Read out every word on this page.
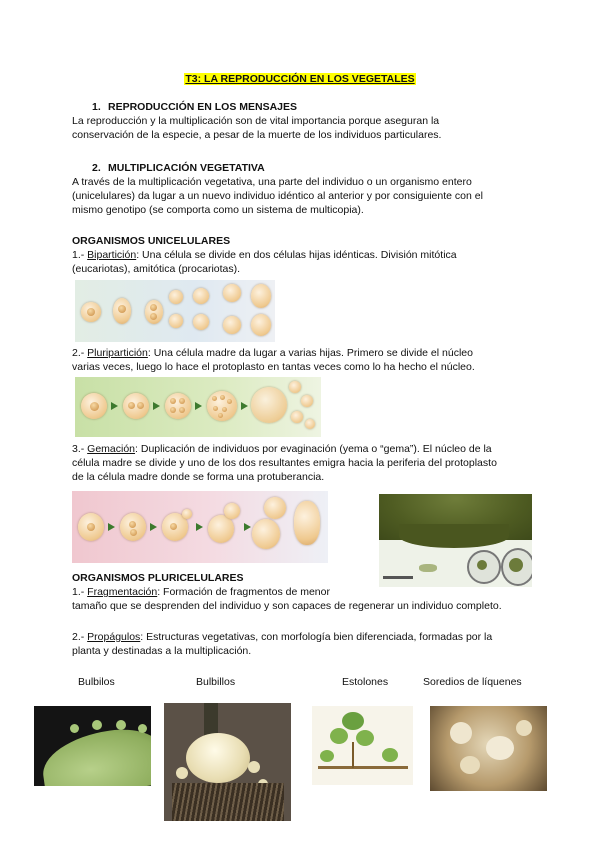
T3: LA REPRODUCCIÓN EN LOS VEGETALES
1. REPRODUCCIÓN EN LOS MENSAJES
La reproducción y la multiplicación son de vital importancia porque aseguran la
conservación de la especie, a pesar de la muerte de los individuos particulares.
2. MULTIPLICACIÓN VEGETATIVA
A través de la multiplicación vegetativa, una parte del individuo o un organismo entero
(unicelulares) da lugar a un nuevo individuo idéntico al anterior y por consiguiente con el
mismo genotipo (se comporta como un sistema de multicopia).
ORGANISMOS UNICELULARES
1.- Bipartición: Una célula se divide en dos células hijas idénticas. División mitótica
(eucariotas), amitótica (procariotas).
2.- Pluripartición: Una célula madre da lugar a varias hijas. Primero se divide el núcleo
varias veces, luego lo hace el protoplasto en tantas veces como lo ha hecho el núcleo.
3.- Gemación: Duplicación de individuos por evaginación (yema o “gema”). El núcleo de la
célula madre se divide y uno de los dos resultantes emigra hacia la periferia del protoplasto
de la célula madre donde se forma una protuberancia.
ORGANISMOS PLURICELULARES
1.- Fragmentación: Formación de fragmentos de menor
tamaño que se desprenden del individuo y son capaces de regenerar un individuo completo.
2.- Propágulos: Estructuras vegetativas, con morfología bien diferenciada, formadas por la
planta y destinadas a la multiplicación.
Bulbilos	Bulbillos	Estolones	Soredios de líquenes
